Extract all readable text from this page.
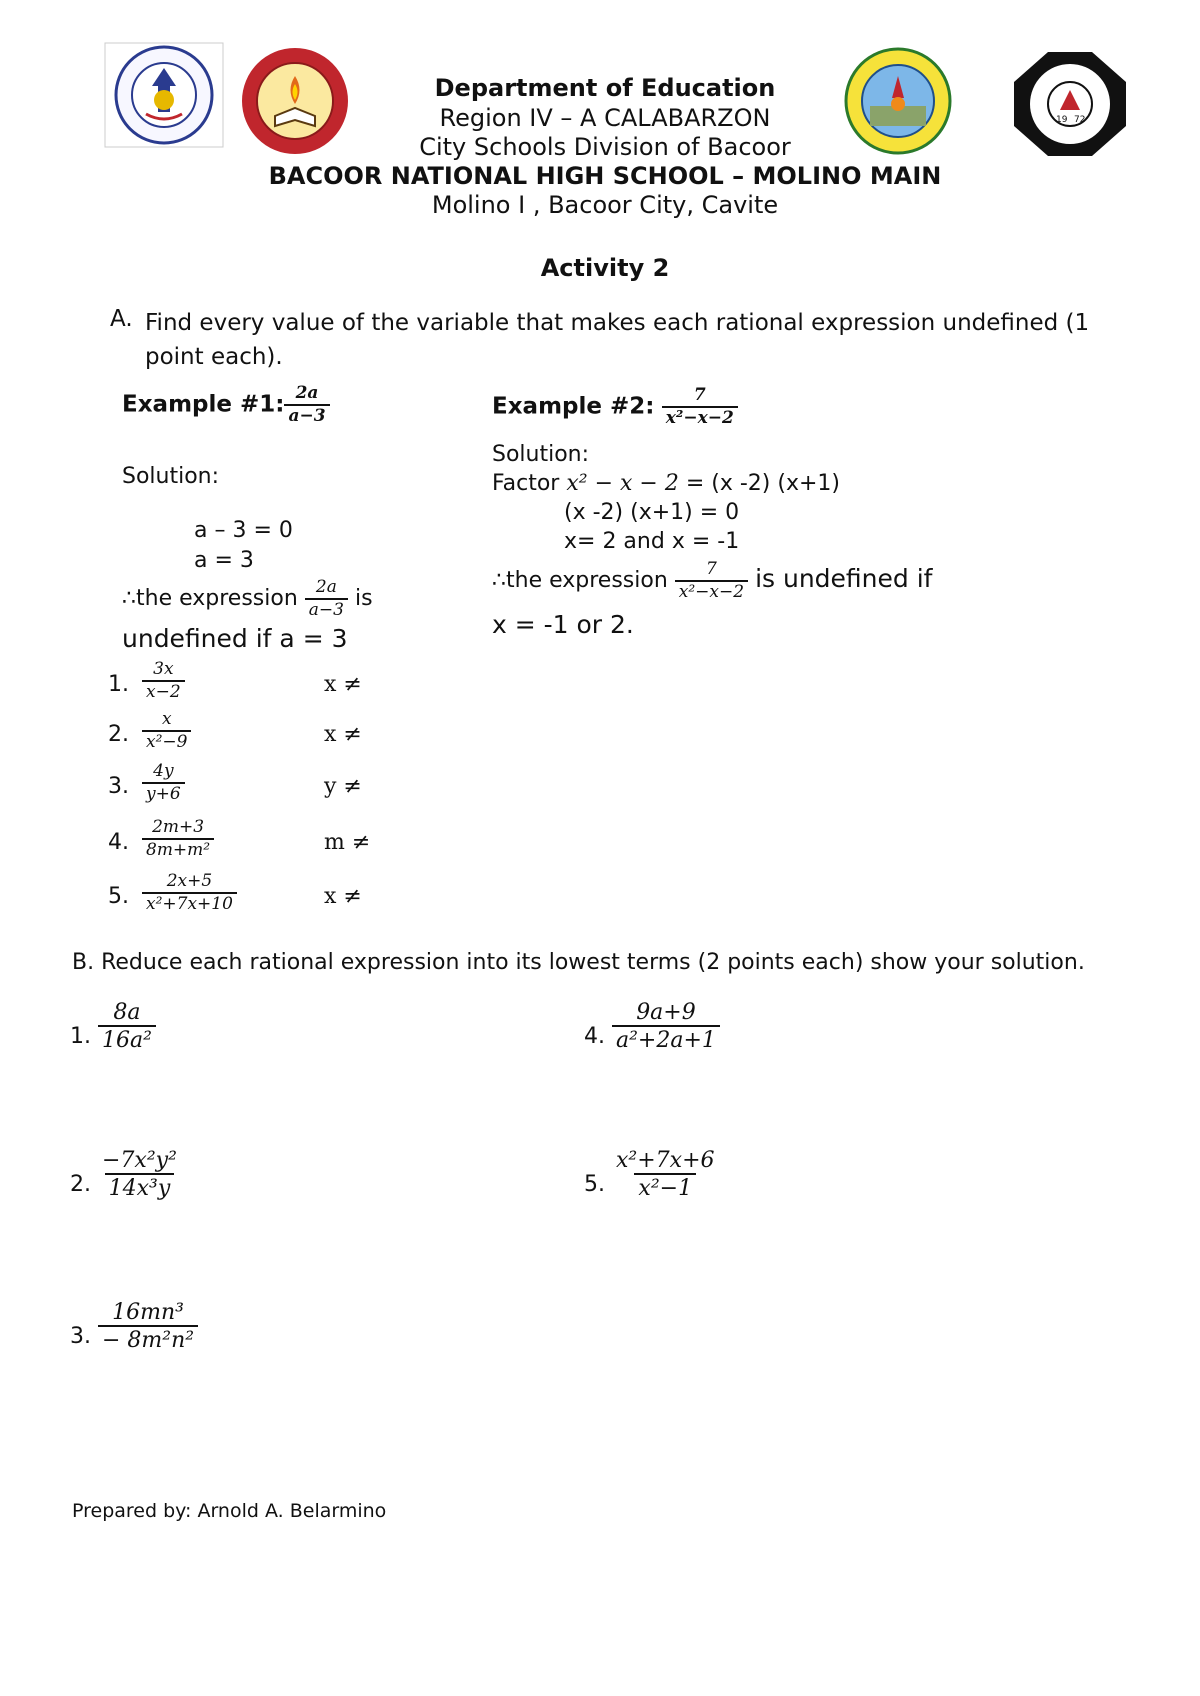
19 72
Department of Education
Region IV – A CALABARZON
City Schools Division of Bacoor
BACOOR NATIONAL HIGH SCHOOL – MOLINO MAIN
Molino I , Bacoor City, Cavite
Activity 2
A. Find every value of the variable that makes each rational expression undefined (1 point each).
Example #1: $\frac{2a}{a-3}$
Solution:
a – 3 = 0
a = 3
∴the expression $\frac{2a}{a-3}$ is
undefined if a = 3
Example #2: $\frac{7}{\text{x²−x−2}}$
Solution:
Factor x² − x − 2 = (x -2) (x+1)
(x -2) (x+1) = 0
x= 2 and x = -1
∴the expression $\frac{7}{\text{x²−x−2}}$ is undefined if
x = -1 or 2.
1. $\frac{3x}{x-2}$	x ≠
2. $\frac{x}{\text{x²−9}}$	x ≠
3. $\frac{4y}{y+6}$	y ≠
4. $\frac{2m+3}{\text{8m+m²}}$	m ≠
5. $\frac{2x+5}{\text{x²+7x+10}}$	x ≠
B. Reduce each rational expression into its lowest terms (2 points each) show your solution.
1. $\frac{8a}{\text{16a²}}$
2. $\frac{\text{−7x²y²}}{\text{14x³y}}$
3. $\frac{\text{16mn³}}{\text{− 8m²n²}}$
4. $\frac{9a+9}{\text{a²+2a+1}}$
5. $\frac{\text{x²+7x+6}}{\text{x²−1}}$
Prepared by: Arnold A. Belarmino
